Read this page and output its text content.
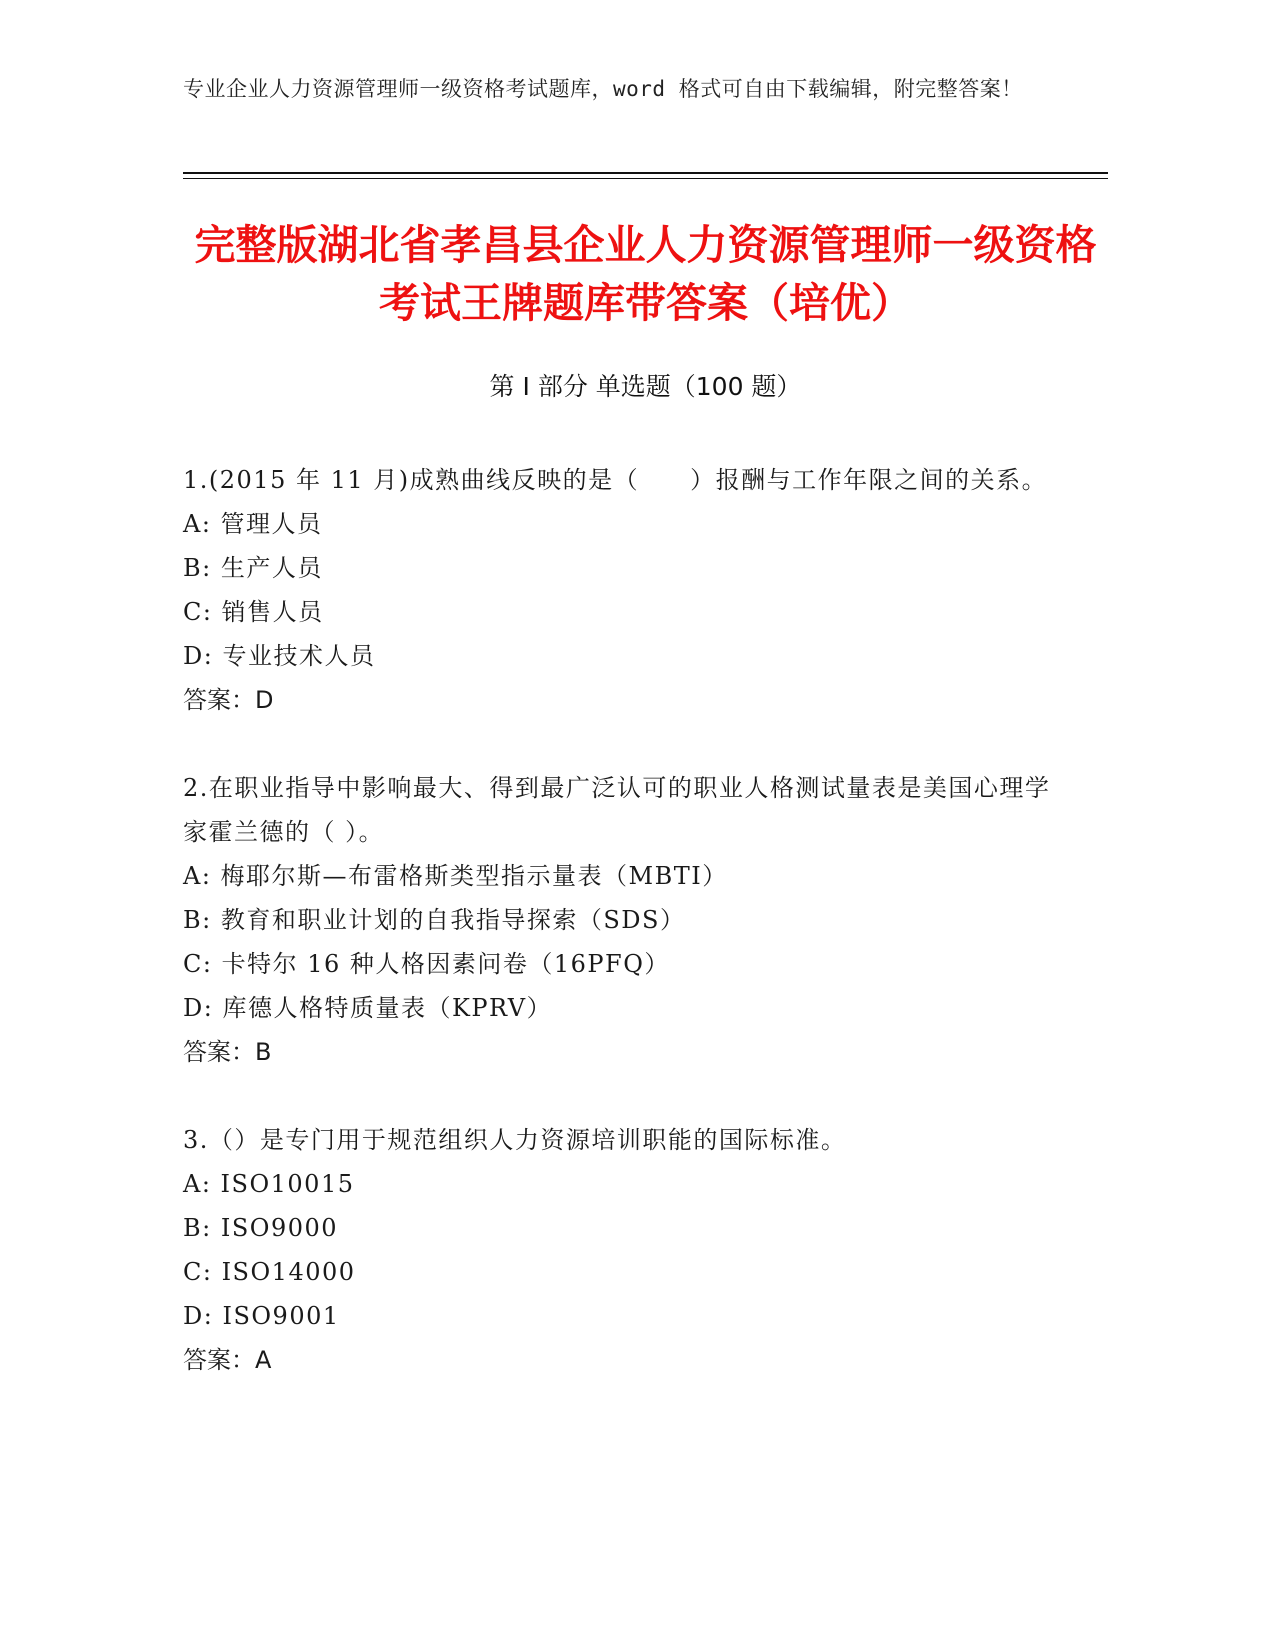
专业企业人力资源管理师一级资格考试题库，word 格式可自由下载编辑，附完整答案！
完整版湖北省孝昌县企业人力资源管理师一级资格考试王牌题库带答案（培优）
第 I 部分 单选题（100 题）
1.(2015 年 11 月)成熟曲线反映的是（　　）报酬与工作年限之间的关系。
A: 管理人员
B: 生产人员
C: 销售人员
D: 专业技术人员
答案：D
2.在职业指导中影响最大、得到最广泛认可的职业人格测试量表是美国心理学家霍兰德的（ ）。
A: 梅耶尔斯—布雷格斯类型指示量表（MBTI）
B: 教育和职业计划的自我指导探索（SDS）
C: 卡特尔 16 种人格因素问卷（16PFQ）
D: 库德人格特质量表（KPRV）
答案：B
3.（）是专门用于规范组织人力资源培训职能的国际标准。
A: ISO10015
B: ISO9000
C: ISO14000
D: ISO9001
答案：A
